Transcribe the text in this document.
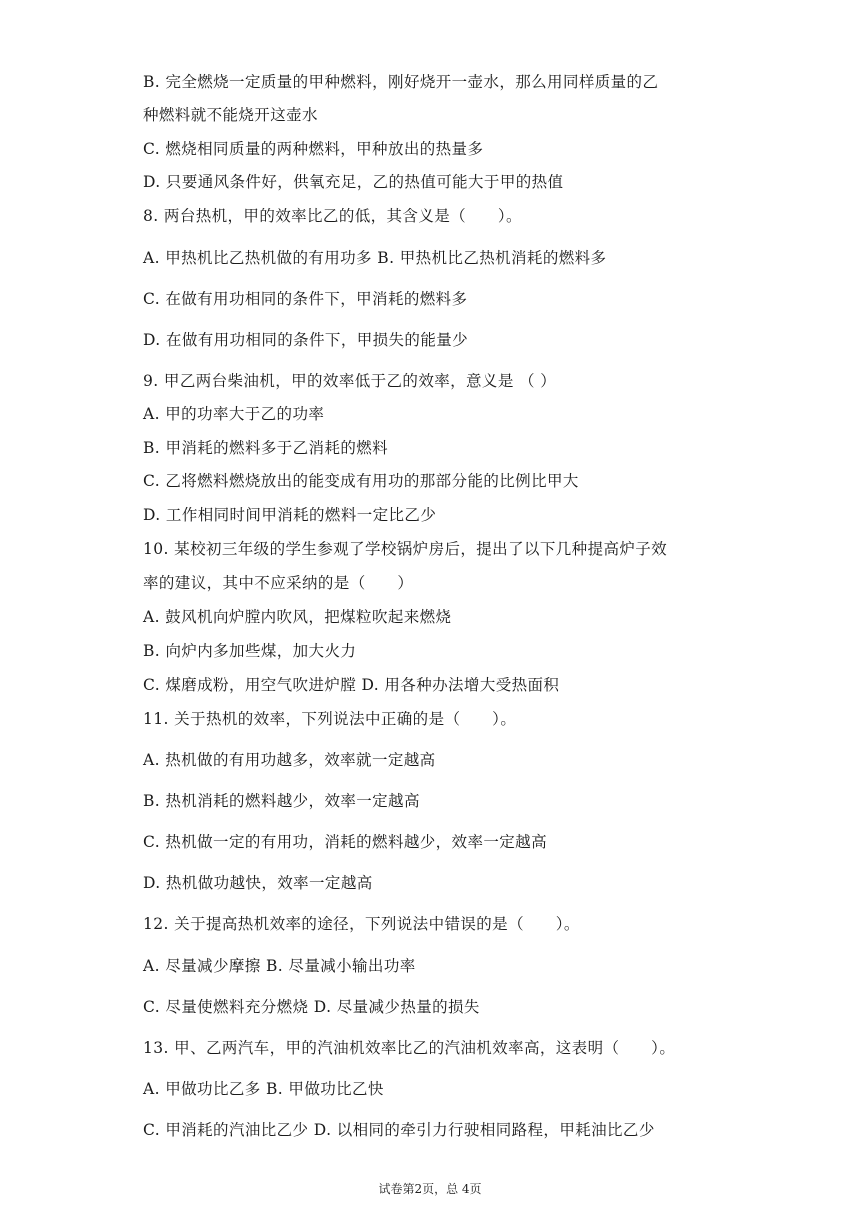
B. 完全燃烧一定质量的甲种燃料，刚好烧开一壶水，那么用同样质量的乙
种燃料就不能烧开这壶水
C. 燃烧相同质量的两种燃料，甲种放出的热量多
D. 只要通风条件好，供氧充足，乙的热值可能大于甲的热值
8. 两台热机，甲的效率比乙的低，其含义是（　　）。
A. 甲热机比乙热机做的有用功多 B. 甲热机比乙热机消耗的燃料多
C. 在做有用功相同的条件下，甲消耗的燃料多
D. 在做有用功相同的条件下，甲损失的能量少
9. 甲乙两台柴油机，甲的效率低于乙的效率，意义是 （ ）
A. 甲的功率大于乙的功率
B. 甲消耗的燃料多于乙消耗的燃料
C. 乙将燃料燃烧放出的能变成有用功的那部分能的比例比甲大
D. 工作相同时间甲消耗的燃料一定比乙少
10. 某校初三年级的学生参观了学校锅炉房后，提出了以下几种提高炉子效
率的建议，其中不应采纳的是（　　）
A. 鼓风机向炉膛内吹风，把煤粒吹起来燃烧
B. 向炉内多加些煤，加大火力
C. 煤磨成粉，用空气吹进炉膛 D. 用各种办法增大受热面积
11. 关于热机的效率，下列说法中正确的是（　　）。
A. 热机做的有用功越多，效率就一定越高
B. 热机消耗的燃料越少，效率一定越高
C. 热机做一定的有用功，消耗的燃料越少，效率一定越高
D. 热机做功越快，效率一定越高
12. 关于提高热机效率的途径，下列说法中错误的是（　　）。
A. 尽量减少摩擦 B. 尽量减小输出功率
C. 尽量使燃料充分燃烧 D. 尽量减少热量的损失
13. 甲、乙两汽车，甲的汽油机效率比乙的汽油机效率高，这表明（　　）。
A. 甲做功比乙多 B. 甲做功比乙快
C. 甲消耗的汽油比乙少 D. 以相同的牵引力行驶相同路程，甲耗油比乙少
试卷第2页，总 4页
